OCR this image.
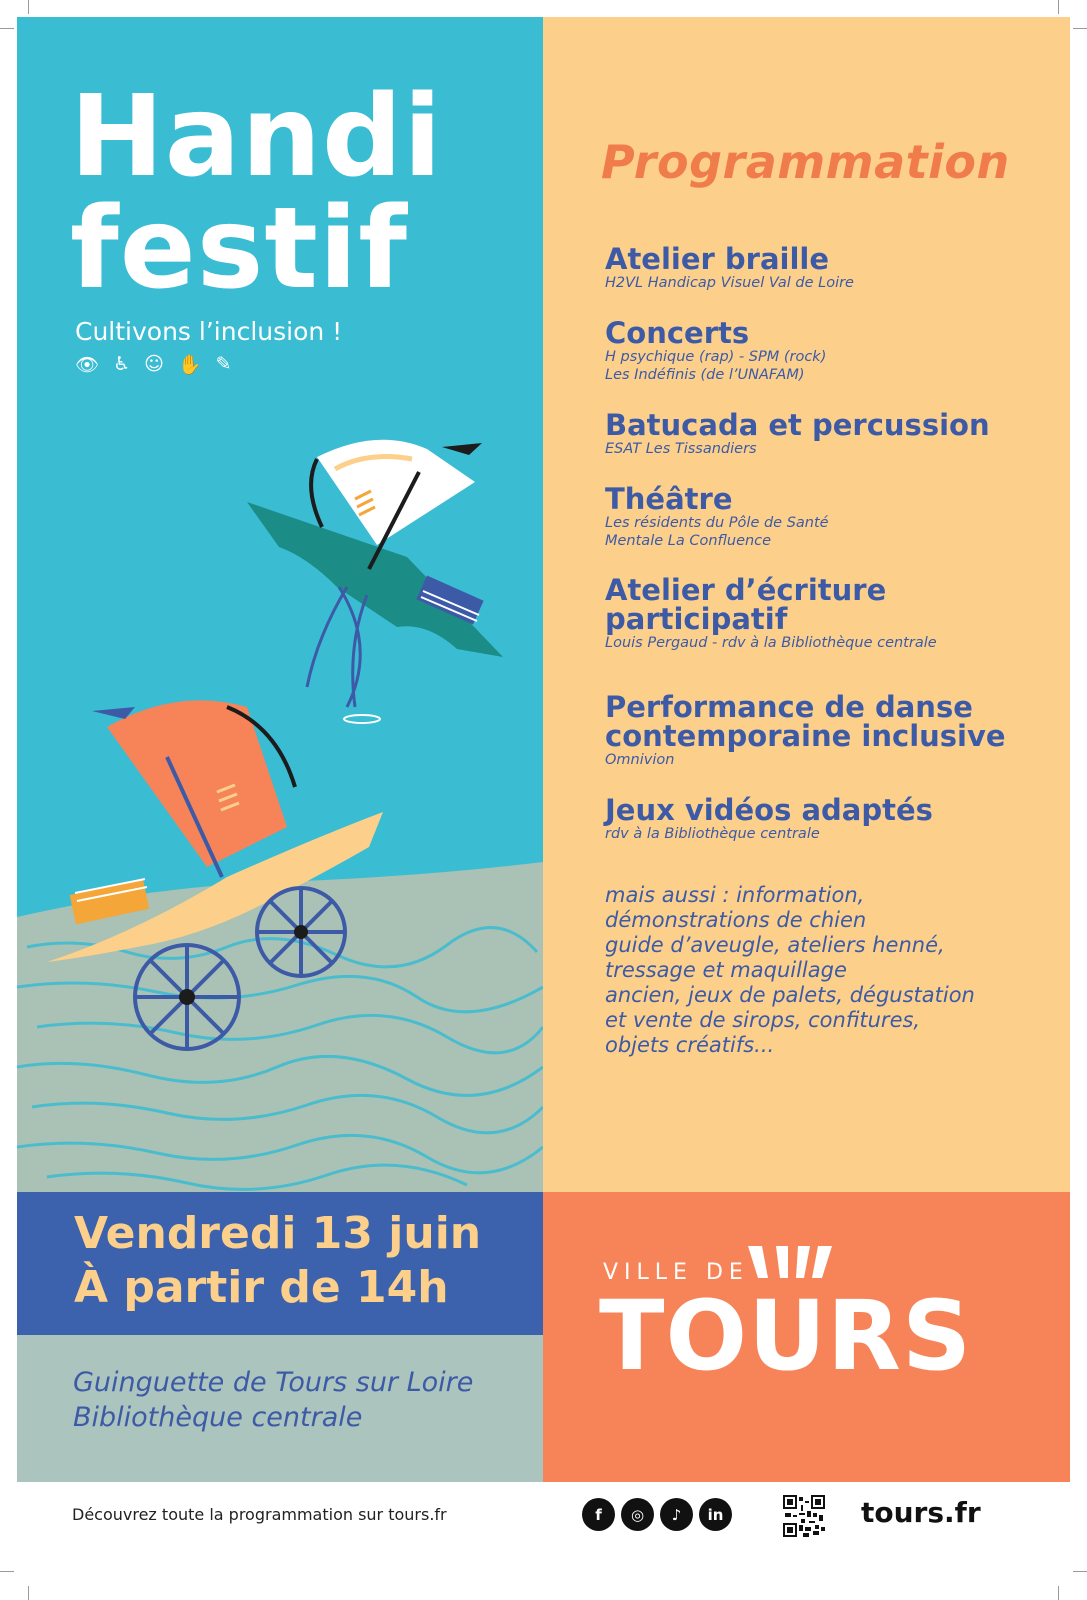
Handi
festif
Cultivons l’inclusion !
👁 ♿ ☺ ✋ ✎
Programmation
Atelier braille
H2VL Handicap Visuel Val de Loire
Concerts
H psychique (rap) - SPM (rock)
Les Indéfinis (de l’UNAFAM)
Batucada et percussion
ESAT Les Tissandiers
Théâtre
Les résidents du Pôle de Santé
Mentale La Confluence
Atelier d’écriture
participatif
Louis Pergaud - rdv à la Bibliothèque centrale
Performance de danse
contemporaine inclusive
Omnivion
Jeux vidéos adaptés
rdv à la Bibliothèque centrale
mais aussi : information,
démonstrations de chien
guide d’aveugle, ateliers henné,
tressage et maquillage
ancien, jeux de palets, dégustation
et vente de sirops, confitures,
objets créatifs...
Vendredi 13 juin
À partir de 14h
Guinguette de Tours sur Loire
Bibliothèque centrale
VILLE DE
TOURS
Découvrez toute la programmation sur tours.fr	f	◎	♪	in	tours.fr
